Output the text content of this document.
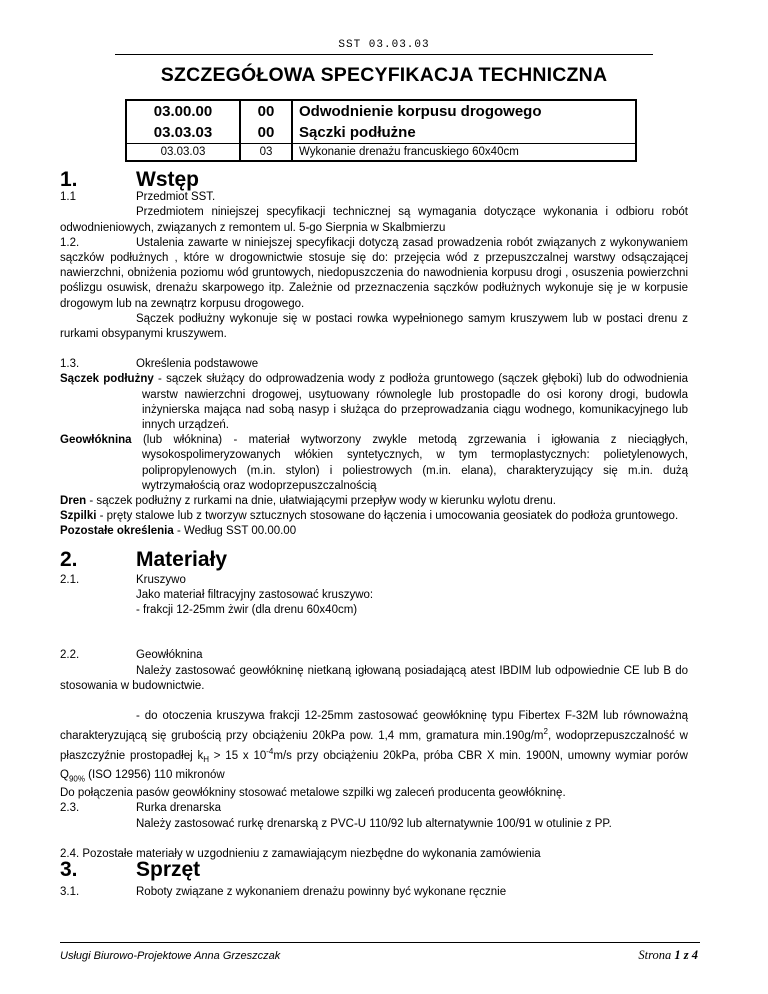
SST 03.03.03
SZCZEGÓŁOWA SPECYFIKACJA TECHNICZNA
03.00.00	00	Odwodnienie korpusu drogowego
03.03.03	00	Sączki podłużne
03.03.03	03	Wykonanie drenażu francuskiego 60x40cm
1.	Wstęp
1.1	Przedmiot SST.

Przedmiotem niniejszej specyfikacji technicznej są wymagania dotyczące wykonania i odbioru robót odwodnieniowych, związanych z remontem ul. 5-go Sierpnia w Skalbmierzu

1.2.	Ustalenia zawarte w niniejszej specyfikacji dotyczą zasad prowadzenia robót związanych z wykonywaniem sączków podłużnych , które w drogownictwie stosuje się do: przejęcia wód z przepuszczalnej warstwy odsączającej nawierzchni, obniżenia poziomu wód gruntowych, niedopuszczenia do nawodnienia korpusu drogi , osuszenia powierzchni poślizgu osuwisk, drenażu skarpowego itp. Zależnie od przeznaczenia sączków podłużnych wykonuje się je w korpusie drogowym lub na zewnątrz korpusu drogowego.

Sączek podłużny wykonuje się w postaci rowka wypełnionego samym kruszywem lub w postaci drenu z rurkami obsypanymi kruszywem.

1.3.	Określenia podstawowe

Sączek podłużny - sączek służący do odprowadzenia wody z podłoża gruntowego (sączek głęboki) lub do odwodnienia warstw nawierzchni drogowej, usytuowany równolegle lub prostopadle do osi korony drogi, budowla inżynierska mająca nad sobą nasyp i służąca do przeprowadzania ciągu wodnego, komunikacyjnego lub innych urządzeń.

Geowłóknina (lub włóknina) - materiał wytworzony zwykle metodą zgrzewania i igłowania z nieciągłych, wysokospolimeryzowanych włókien syntetycznych, w tym termoplastycznych: polietylenowych, polipropylenowych (m.in. stylon) i poliestrowych (m.in. elana), charakteryzujący się m.in. dużą wytrzymałością oraz wodoprzepuszczalnością

Dren - sączek podłużny z rurkami na dnie, ułatwiającymi przepływ wody w kierunku wylotu drenu.

Szpilki - pręty stalowe lub z tworzyw sztucznych stosowane do łączenia i umocowania geosiatek do podłoża gruntowego.

Pozostałe określenia - Według SST 00.00.00

2.	Materiały
2.1.	Kruszywo
Jako materiał filtracyjny zastosować kruszywo:
- frakcji 12-25mm żwir (dla drenu 60x40cm)
2.2.	Geowłóknina

Należy zastosować geowłókninę nietkaną igłowaną posiadającą atest IBDIM lub odpowiednie CE lub B do stosowania w budownictwie.

- do otoczenia kruszywa frakcji 12-25mm zastosować geowłókninę typu Fibertex F-32M lub równoważną charakteryzującą się grubością przy obciążeniu 20kPa pow. 1,4 mm, gramatura $\min.190g/m^2$, wodoprzepuszczalność w płaszczyźnie prostopadłej $k_H > 15$ x $10^{-4}m/s$ przy obciążeniu 20kPa, próba CBR X min. 1900N, umowny wymiar porów $Q_{90\%}$ (ISO 12956) 110 mikronów

Do połączenia pasów geowłókniny stosować metalowe szpilki wg zaleceń producenta geowłókninę.

2.3.	Rurka drenarska
Należy zastosować rurkę drenarską z PVC-U 110/92 lub alternatywnie 100/91 w otulinie z PP.
2.4. Pozostałe materiały w uzgodnieniu z zamawiającym niezbędne do wykonania zamówienia
3.	Sprzęt
3.1.	Roboty związane z wykonaniem drenażu powinny być wykonane ręcznie
Usługi Biurowo-Projektowe Anna Grzeszczak	Strona 1 z 4
